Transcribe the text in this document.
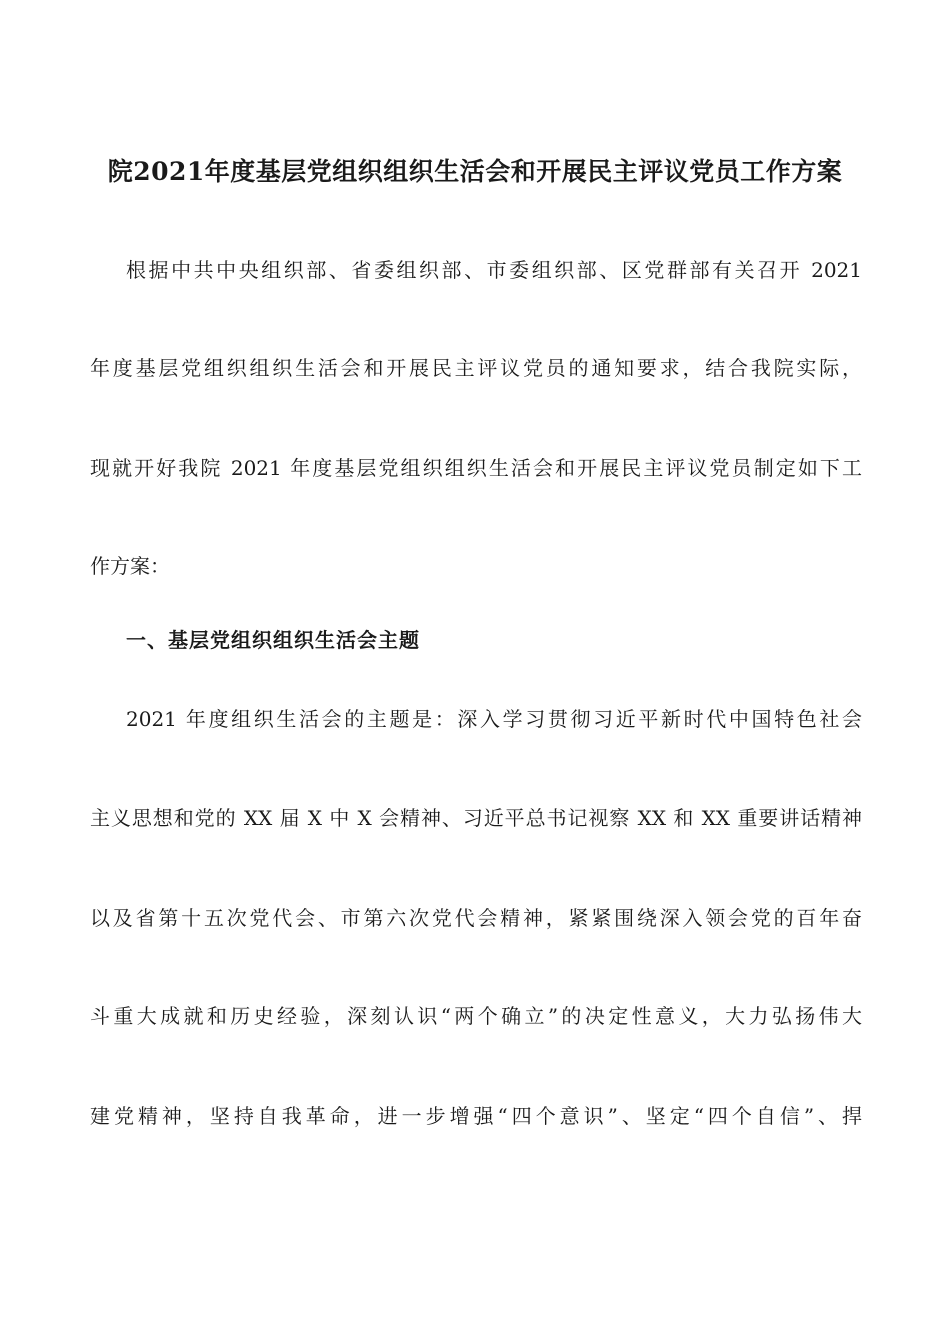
院2021年度基层党组织组织生活会和开展民主评议党员工作方案
根据中共中央组织部、省委组织部、市委组织部、区党群部有关召开 2021
年度基层党组织组织生活会和开展民主评议党员的通知要求，结合我院实际，
现就开好我院 2021 年度基层党组织组织生活会和开展民主评议党员制定如下工
作方案：
一、基层党组织组织生活会主题
2021 年度组织生活会的主题是：深入学习贯彻习近平新时代中国特色社会
主义思想和党的 XX 届 X 中 X 会精神、习近平总书记视察 XX 和 XX 重要讲话精神
以及省第十五次党代会、市第六次党代会精神，紧紧围绕深入领会党的百年奋
斗重大成就和历史经验，深刻认识“两个确立”的决定性意义，大力弘扬伟大
建党精神，坚持自我革命，进一步增强“四个意识”、坚定“四个自信”、捍
